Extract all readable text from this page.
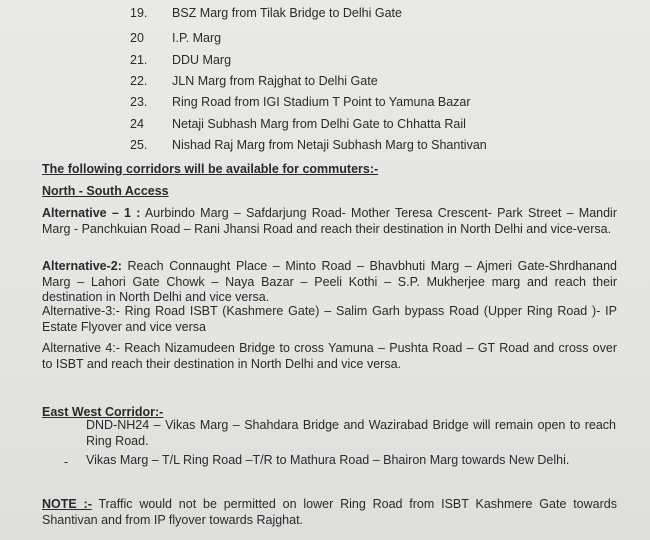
19.	BSZ Marg from Tilak Bridge to Delhi Gate
20	I.P. Marg
21.	DDU Marg
22.	JLN Marg from Rajghat to Delhi Gate
23.	Ring Road from IGI Stadium T Point to Yamuna Bazar
24	Netaji Subhash Marg from Delhi Gate to Chhatta Rail
25.	Nishad Raj Marg from Netaji Subhash Marg to Shantivan
The following corridors will be available for commuters:-
North - South Access
Alternative – 1 : Aurbindo Marg – Safdarjung Road- Mother Teresa Crescent- Park Street – Mandir Marg - Panchkuian Road – Rani Jhansi Road and reach their destination in North Delhi and vice-versa.
Alternative-2: Reach Connaught Place – Minto Road – Bhavbhuti Marg – Ajmeri Gate-Shrdhanand Marg – Lahori Gate Chowk – Naya Bazar – Peeli Kothi – S.P. Mukherjee marg and reach their destination in North Delhi and vice versa.
Alternative-3:- Ring Road ISBT (Kashmere Gate) – Salim Garh bypass Road (Upper Ring Road )- IP Estate Flyover and vice versa
Alternative 4:- Reach Nizamudeen Bridge to cross Yamuna – Pushta Road – GT Road and cross over to ISBT and reach their destination in North Delhi and vice versa.
East West Corridor:-
DND-NH24 – Vikas Marg – Shahdara Bridge and Wazirabad Bridge will remain open to reach Ring Road.
- Vikas Marg – T/L Ring Road –T/R to Mathura Road – Bhairon Marg towards New Delhi.
NOTE :- Traffic would not be permitted on lower Ring Road from ISBT Kashmere Gate towards Shantivan and from IP flyover towards Rajghat.
